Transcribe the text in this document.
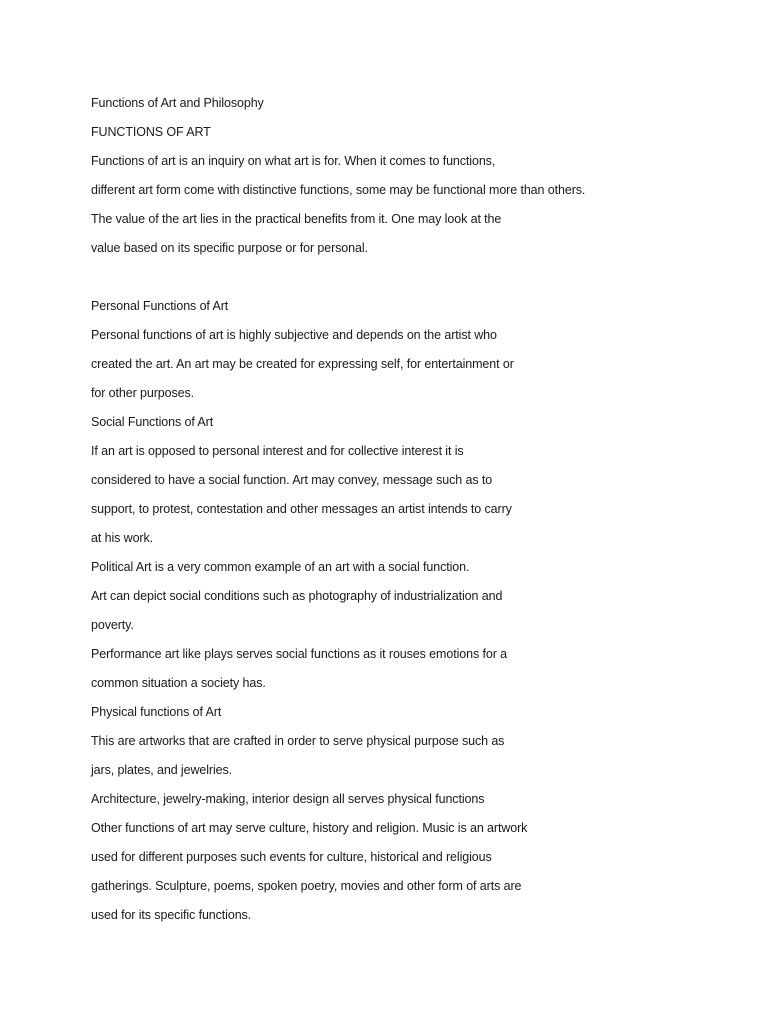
Functions of Art and Philosophy
FUNCTIONS OF ART
Functions of art is an inquiry on what art is for. When it comes to functions,
different art form come with distinctive functions, some may be functional more than others.
The value of the art lies in the practical benefits from it. One may look at the
value based on its specific purpose or for personal.
Personal Functions of Art
Personal functions of art is highly subjective and depends on the artist who
created the art. An art may be created for expressing self, for entertainment or
for other purposes.
Social Functions of Art
If an art is opposed to personal interest and for collective interest it is
considered to have a social function. Art may convey, message such as to
support, to protest, contestation and other messages an artist intends to carry
at his work.
Political Art is a very common example of an art with a social function.
Art can depict social conditions such as photography of industrialization and
poverty.
Performance art like plays serves social functions as it rouses emotions for a
common situation a society has.
Physical functions of Art
This are artworks that are crafted in order to serve physical purpose such as
jars, plates, and jewelries.
Architecture, jewelry-making, interior design all serves physical functions
Other functions of art may serve culture, history and religion. Music is an artwork
used for different purposes such events for culture, historical and religious
gatherings. Sculpture, poems, spoken poetry, movies and other form of arts are
used for its specific functions.
